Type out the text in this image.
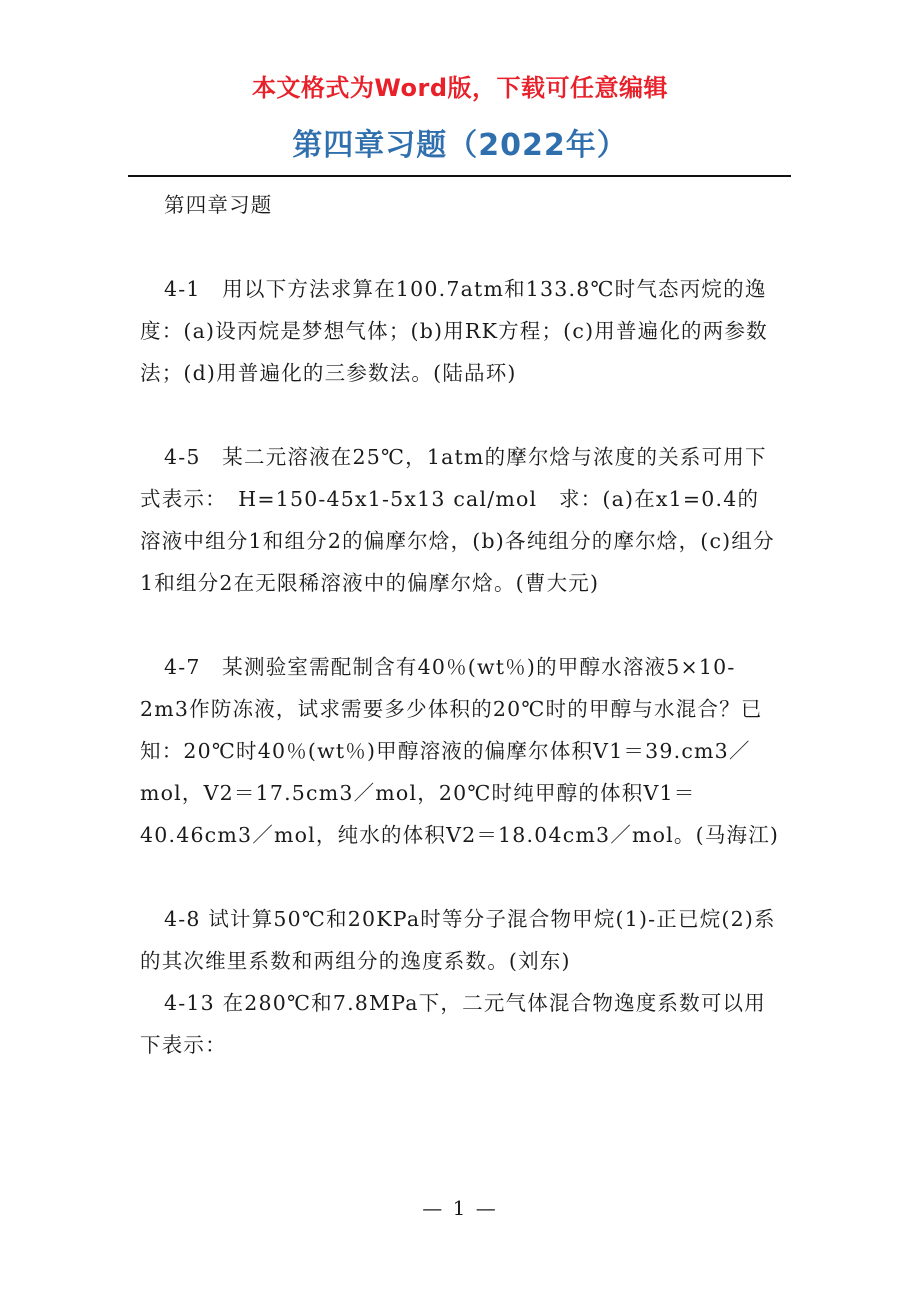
本文格式为Word版，下载可任意编辑
第四章习题（2022年）

第四章习题

4-1　用以下方法求算在100.7atm和133.8℃时气态丙烷的逸度：(a)设丙烷是梦想气体；(b)用RK方程；(c)用普遍化的两参数法；(d)用普遍化的三参数法。(陆品环)

4-5　某二元溶液在25℃，1atm的摩尔焓与浓度的关系可用下式表示：　H=150-45x1-5x13 cal/mol　求：(a)在x1=0.4的溶液中组分1和组分2的偏摩尔焓，(b)各纯组分的摩尔焓，(c)组分1和组分2在无限稀溶液中的偏摩尔焓。(曹大元)

4-7　某测验室需配制含有40％(wt％)的甲醇水溶液5×10-2m3作防冻液，试求需要多少体积的20℃时的甲醇与水混合？已知：20℃时40％(wt％)甲醇溶液的偏摩尔体积V1＝39.cm3／mol，V2＝17.5cm3／mol，20℃时纯甲醇的体积V1＝40.46cm3／mol，纯水的体积V2＝18.04cm3／mol。(马海江)

4-8 试计算50℃和20KPa时等分子混合物甲烷(1)-正已烷(2)系的其次维里系数和两组分的逸度系数。(刘东)

4-13 在280℃和7.8MPa下，二元气体混合物逸度系数可以用下表示：

— 1 —
